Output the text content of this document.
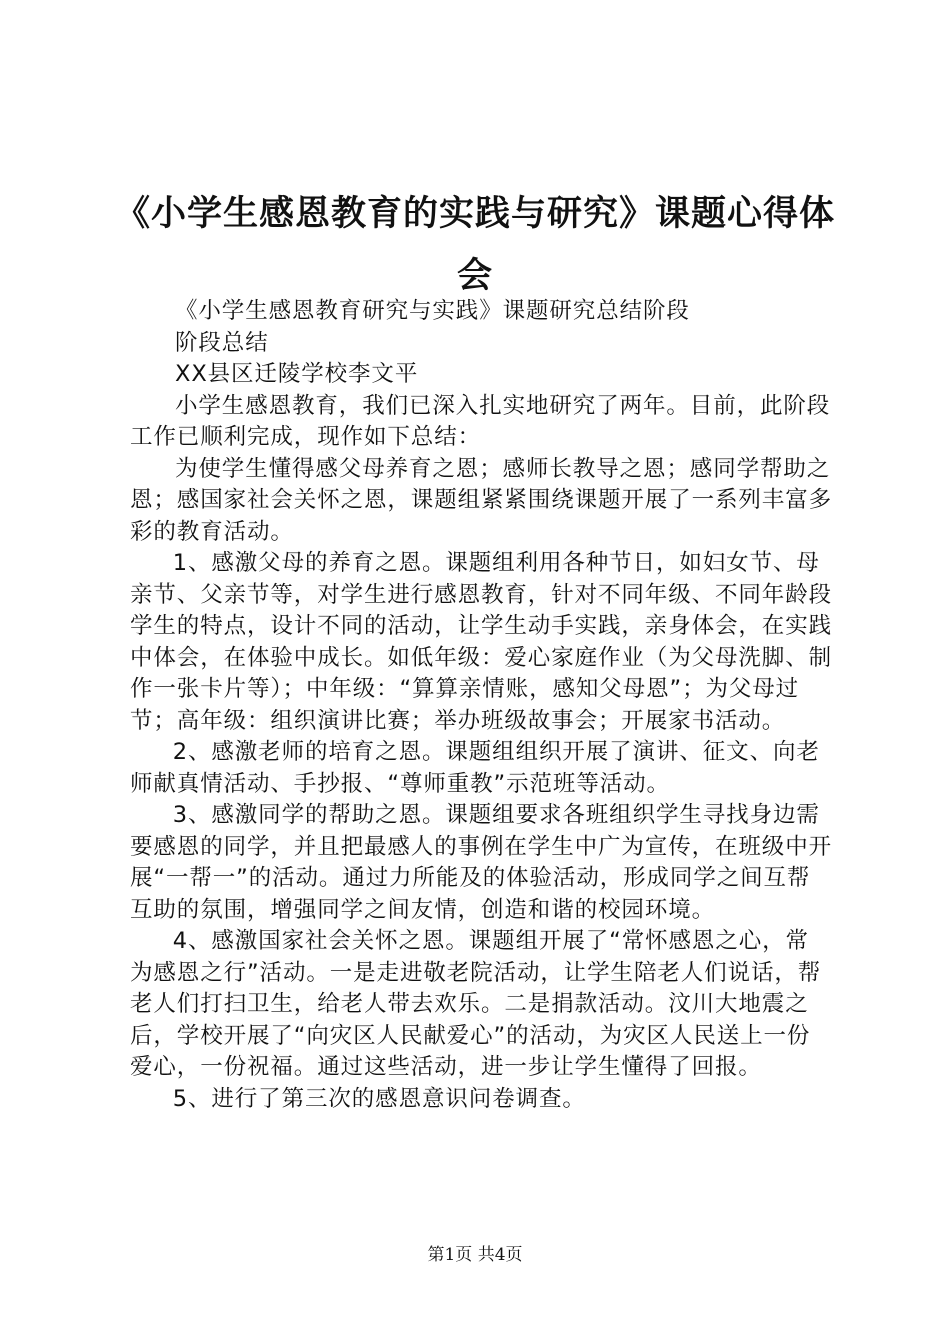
《小学生感恩教育的实践与研究》课题心得体会

《小学生感恩教育研究与实践》课题研究总结阶段

阶段总结

XX县区迁陵学校李文平

小学生感恩教育，我们已深入扎实地研究了两年。目前，此阶段工作已顺利完成，现作如下总结：

为使学生懂得感父母养育之恩；感师长教导之恩；感同学帮助之恩；感国家社会关怀之恩，课题组紧紧围绕课题开展了一系列丰富多彩的教育活动。

1、感激父母的养育之恩。课题组利用各种节日，如妇女节、母亲节、父亲节等，对学生进行感恩教育，针对不同年级、不同年龄段学生的特点，设计不同的活动，让学生动手实践，亲身体会，在实践中体会，在体验中成长。如低年级：爱心家庭作业（为父母洗脚、制作一张卡片等）；中年级：“算算亲情账，感知父母恩”；为父母过节；高年级：组织演讲比赛；举办班级故事会；开展家书活动。

2、感激老师的培育之恩。课题组组织开展了演讲、征文、向老师献真情活动、手抄报、“尊师重教”示范班等活动。

3、感激同学的帮助之恩。课题组要求各班组织学生寻找身边需要感恩的同学，并且把最感人的事例在学生中广为宣传，在班级中开展“一帮一”的活动。通过力所能及的体验活动，形成同学之间互帮互助的氛围，增强同学之间友情，创造和谐的校园环境。

4、感激国家社会关怀之恩。课题组开展了“常怀感恩之心，常为感恩之行”活动。一是走进敬老院活动，让学生陪老人们说话，帮老人们打扫卫生，给老人带去欢乐。二是捐款活动。汶川大地震之后，学校开展了“向灾区人民献爱心”的活动，为灾区人民送上一份爱心，一份祝福。通过这些活动，进一步让学生懂得了回报。

5、进行了第三次的感恩意识问卷调查。

第1页 共4页
